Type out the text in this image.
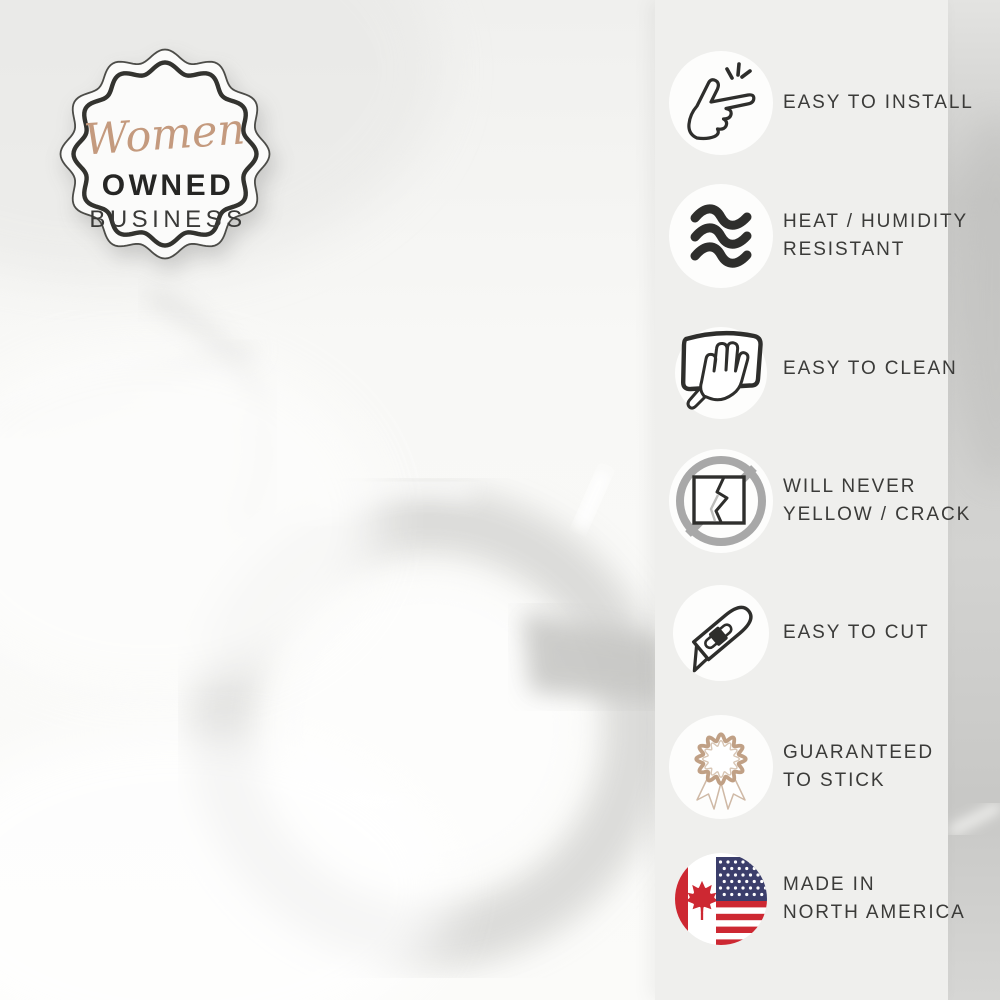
Women
OWNED
BUSINESS
EASY TO INSTALL
HEAT / HUMIDITY
RESISTANT
EASY TO CLEAN
WILL NEVER
YELLOW / CRACK
EASY TO CUT
GUARANTEED
TO STICK
MADE IN
NORTH AMERICA
